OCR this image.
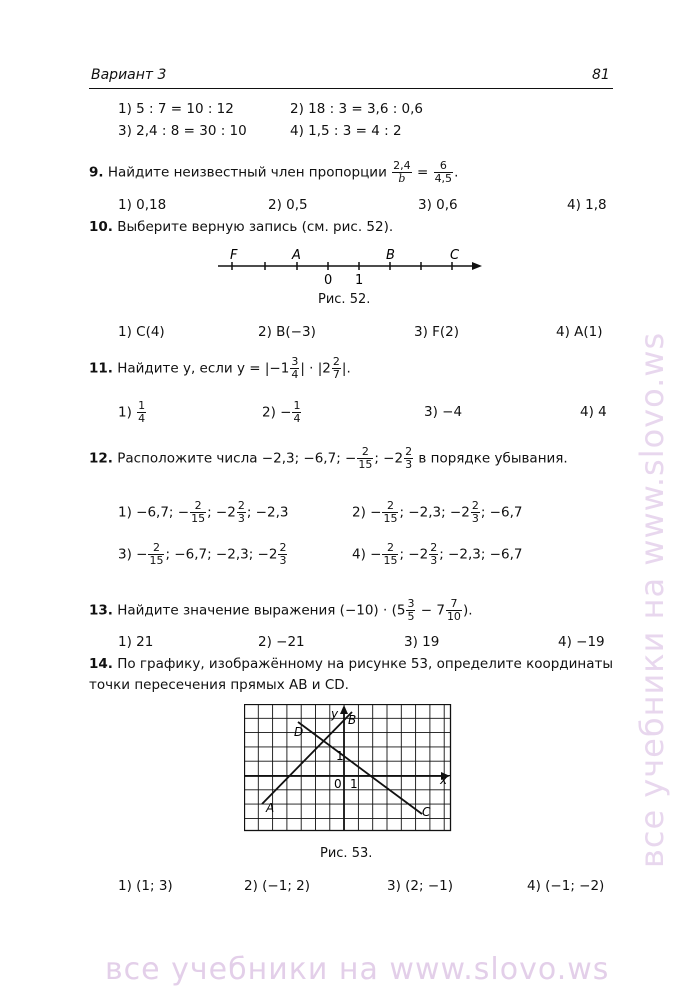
Вариант 3	81
1) 5 : 7 = 10 : 12	2) 18 : 3 = 3,6 : 0,6
3) 2,4 : 8 = 30 : 10	4) 1,5 : 3 = 4 : 2
9. Найдите неизвестный член пропорции $\frac{2,4}{b} = \frac{6}{4,5}$ .
1) 0,18	2) 0,5	3) 0,6	4) 1,8
10. Выберите верную запись (см. рис. 52).
F	A	B	C
0 1
Рис. 52.
1) C(4)	2) B(−3)	3) F(2)	4) A(1)
11. Найдите y, если $y = |-1 \frac{3}{4}$ | · $|2 \frac{2}{7}$ |.
$1) \frac{1}{4}$	$2) - \frac{1}{4}$	3) −4	4) 4
12. Расположите числа −2,3; −6,7; − $\frac{2}{15}$ ; $-2 \frac{2}{3}$ в порядке убывания.
1) −6,7; − $\frac{2}{15}$ ; $-2 \frac{2}{3}$ ; −2,3	$2) - \frac{2}{15}$ ; −2,3; $-2 \frac{2}{3}$ ; −6,7
$3) - \frac{2}{15}$ ; −6,7; −2,3; $-2 \frac{2}{3}$	$4) - \frac{2}{15}$ ; $-2 \frac{2}{3}$ ; −2,3; −6,7
13. Найдите значение выражения $(-10) \cdot (5 \frac{3}{5} - 7 \frac{7}{10}$ ).
1) 21	2) −21	3) 19	4) −19
14. По графику, изображённому на рисунке 53, определите координаты
точки пересечения прямых AB и CD.
A
B
C
D
y
x
0 1
1
Рис. 53.
1) (1; 3)	2) (−1; 2)	3) (2; −1)	4) (−1; −2)
все учебники на www.slovo.ws
все учебники на www.slovo.ws
